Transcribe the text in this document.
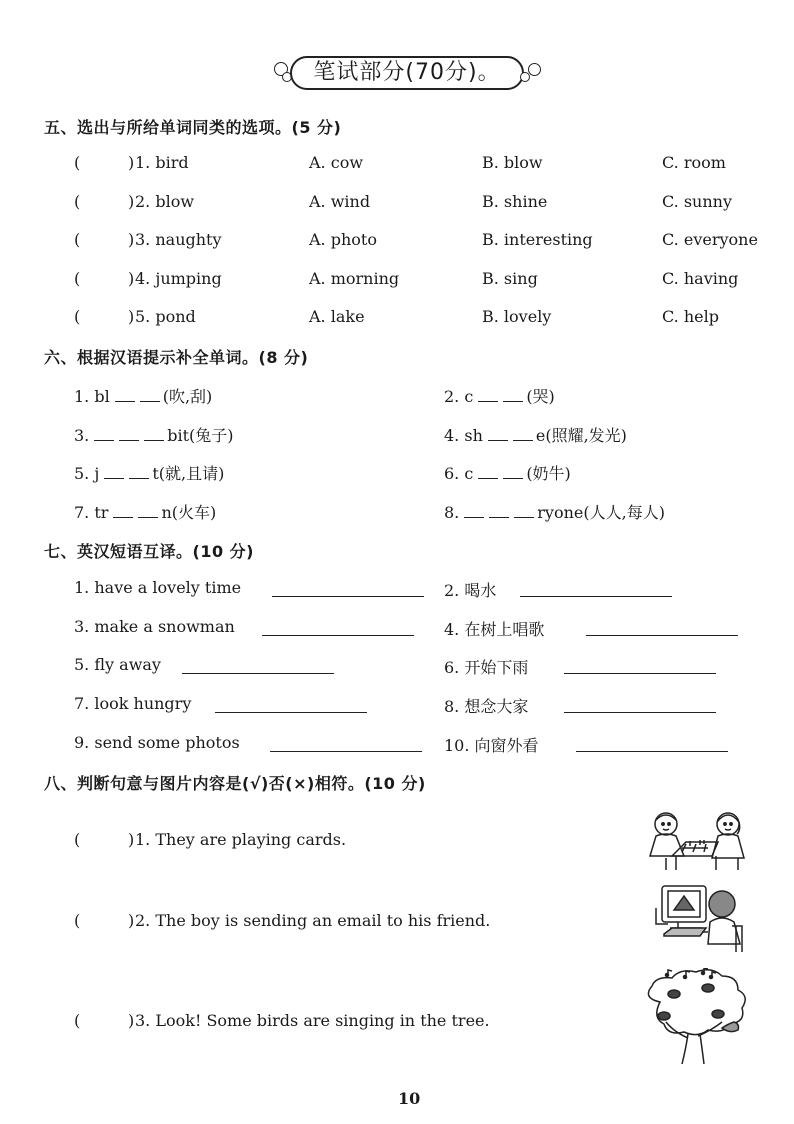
笔试部分(70分)。
五、选出与所给单词同类的选项。(5 分)
(	) 1. bird	A. cow	B. blow	C. room
(	) 2. blow	A. wind	B. shine	C. sunny
(	) 3. naughty	A. photo	B. interesting	C. everyone
(	) 4. jumping	A. morning	B. sing	C. having
(	) 5. pond	A. lake	B. lovely	C. help
六、根据汉语提示补全单词。(8 分)
1. bl	(吹,刮)	2. c	(哭)
3.	bit(兔子)	4. sh	e(照耀,发光)
5. j	t(就,且请)	6. c	(奶牛)
7. tr	n(火车)	8.	ryone(人人,每人)
七、英汉短语互译。(10 分)
1. have a lovely time	2. 喝水
3. make a snowman	4. 在树上唱歌
5. fly away	6. 开始下雨
7. look hungry	8. 想念大家
9. send some photos	10. 向窗外看
八、判断句意与图片内容是(√)否(×)相符。(10 分)
(	) 1. They are playing cards.
(	) 2. The boy is sending an email to his friend.
(	) 3. Look! Some birds are singing in the tree.
10
